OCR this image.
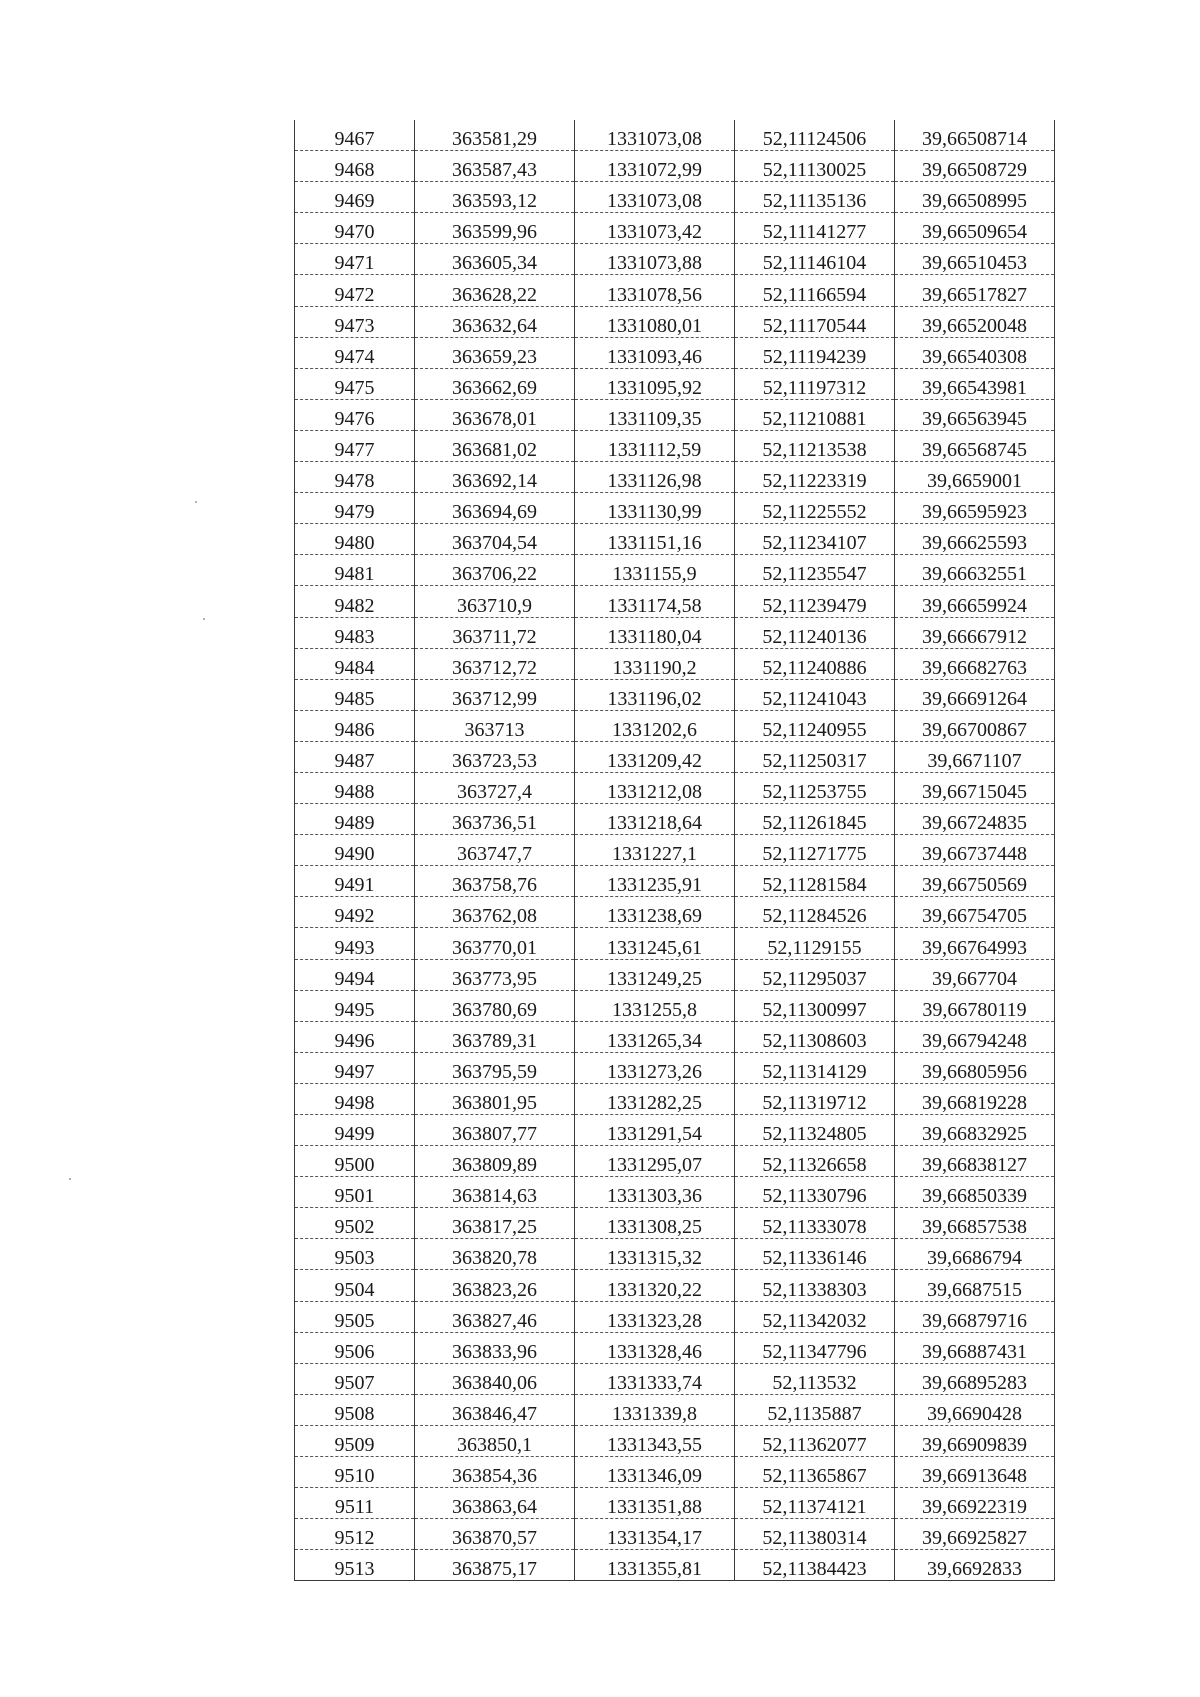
9467	363581,29	1331073,08	52,11124506	39,66508714
9468	363587,43	1331072,99	52,11130025	39,66508729
9469	363593,12	1331073,08	52,11135136	39,66508995
9470	363599,96	1331073,42	52,11141277	39,66509654
9471	363605,34	1331073,88	52,11146104	39,66510453
9472	363628,22	1331078,56	52,11166594	39,66517827
9473	363632,64	1331080,01	52,11170544	39,66520048
9474	363659,23	1331093,46	52,11194239	39,66540308
9475	363662,69	1331095,92	52,11197312	39,66543981
9476	363678,01	1331109,35	52,11210881	39,66563945
9477	363681,02	1331112,59	52,11213538	39,66568745
9478	363692,14	1331126,98	52,11223319	39,6659001
9479	363694,69	1331130,99	52,11225552	39,66595923
9480	363704,54	1331151,16	52,11234107	39,66625593
9481	363706,22	1331155,9	52,11235547	39,66632551
9482	363710,9	1331174,58	52,11239479	39,66659924
9483	363711,72	1331180,04	52,11240136	39,66667912
9484	363712,72	1331190,2	52,11240886	39,66682763
9485	363712,99	1331196,02	52,11241043	39,66691264
9486	363713	1331202,6	52,11240955	39,66700867
9487	363723,53	1331209,42	52,11250317	39,6671107
9488	363727,4	1331212,08	52,11253755	39,66715045
9489	363736,51	1331218,64	52,11261845	39,66724835
9490	363747,7	1331227,1	52,11271775	39,66737448
9491	363758,76	1331235,91	52,11281584	39,66750569
9492	363762,08	1331238,69	52,11284526	39,66754705
9493	363770,01	1331245,61	52,1129155	39,66764993
9494	363773,95	1331249,25	52,11295037	39,667704
9495	363780,69	1331255,8	52,11300997	39,66780119
9496	363789,31	1331265,34	52,11308603	39,66794248
9497	363795,59	1331273,26	52,11314129	39,66805956
9498	363801,95	1331282,25	52,11319712	39,66819228
9499	363807,77	1331291,54	52,11324805	39,66832925
9500	363809,89	1331295,07	52,11326658	39,66838127
9501	363814,63	1331303,36	52,11330796	39,66850339
9502	363817,25	1331308,25	52,11333078	39,66857538
9503	363820,78	1331315,32	52,11336146	39,6686794
9504	363823,26	1331320,22	52,11338303	39,6687515
9505	363827,46	1331323,28	52,11342032	39,66879716
9506	363833,96	1331328,46	52,11347796	39,66887431
9507	363840,06	1331333,74	52,113532	39,66895283
9508	363846,47	1331339,8	52,1135887	39,6690428
9509	363850,1	1331343,55	52,11362077	39,66909839
9510	363854,36	1331346,09	52,11365867	39,66913648
9511	363863,64	1331351,88	52,11374121	39,66922319
9512	363870,57	1331354,17	52,11380314	39,66925827
9513	363875,17	1331355,81	52,11384423	39,6692833
